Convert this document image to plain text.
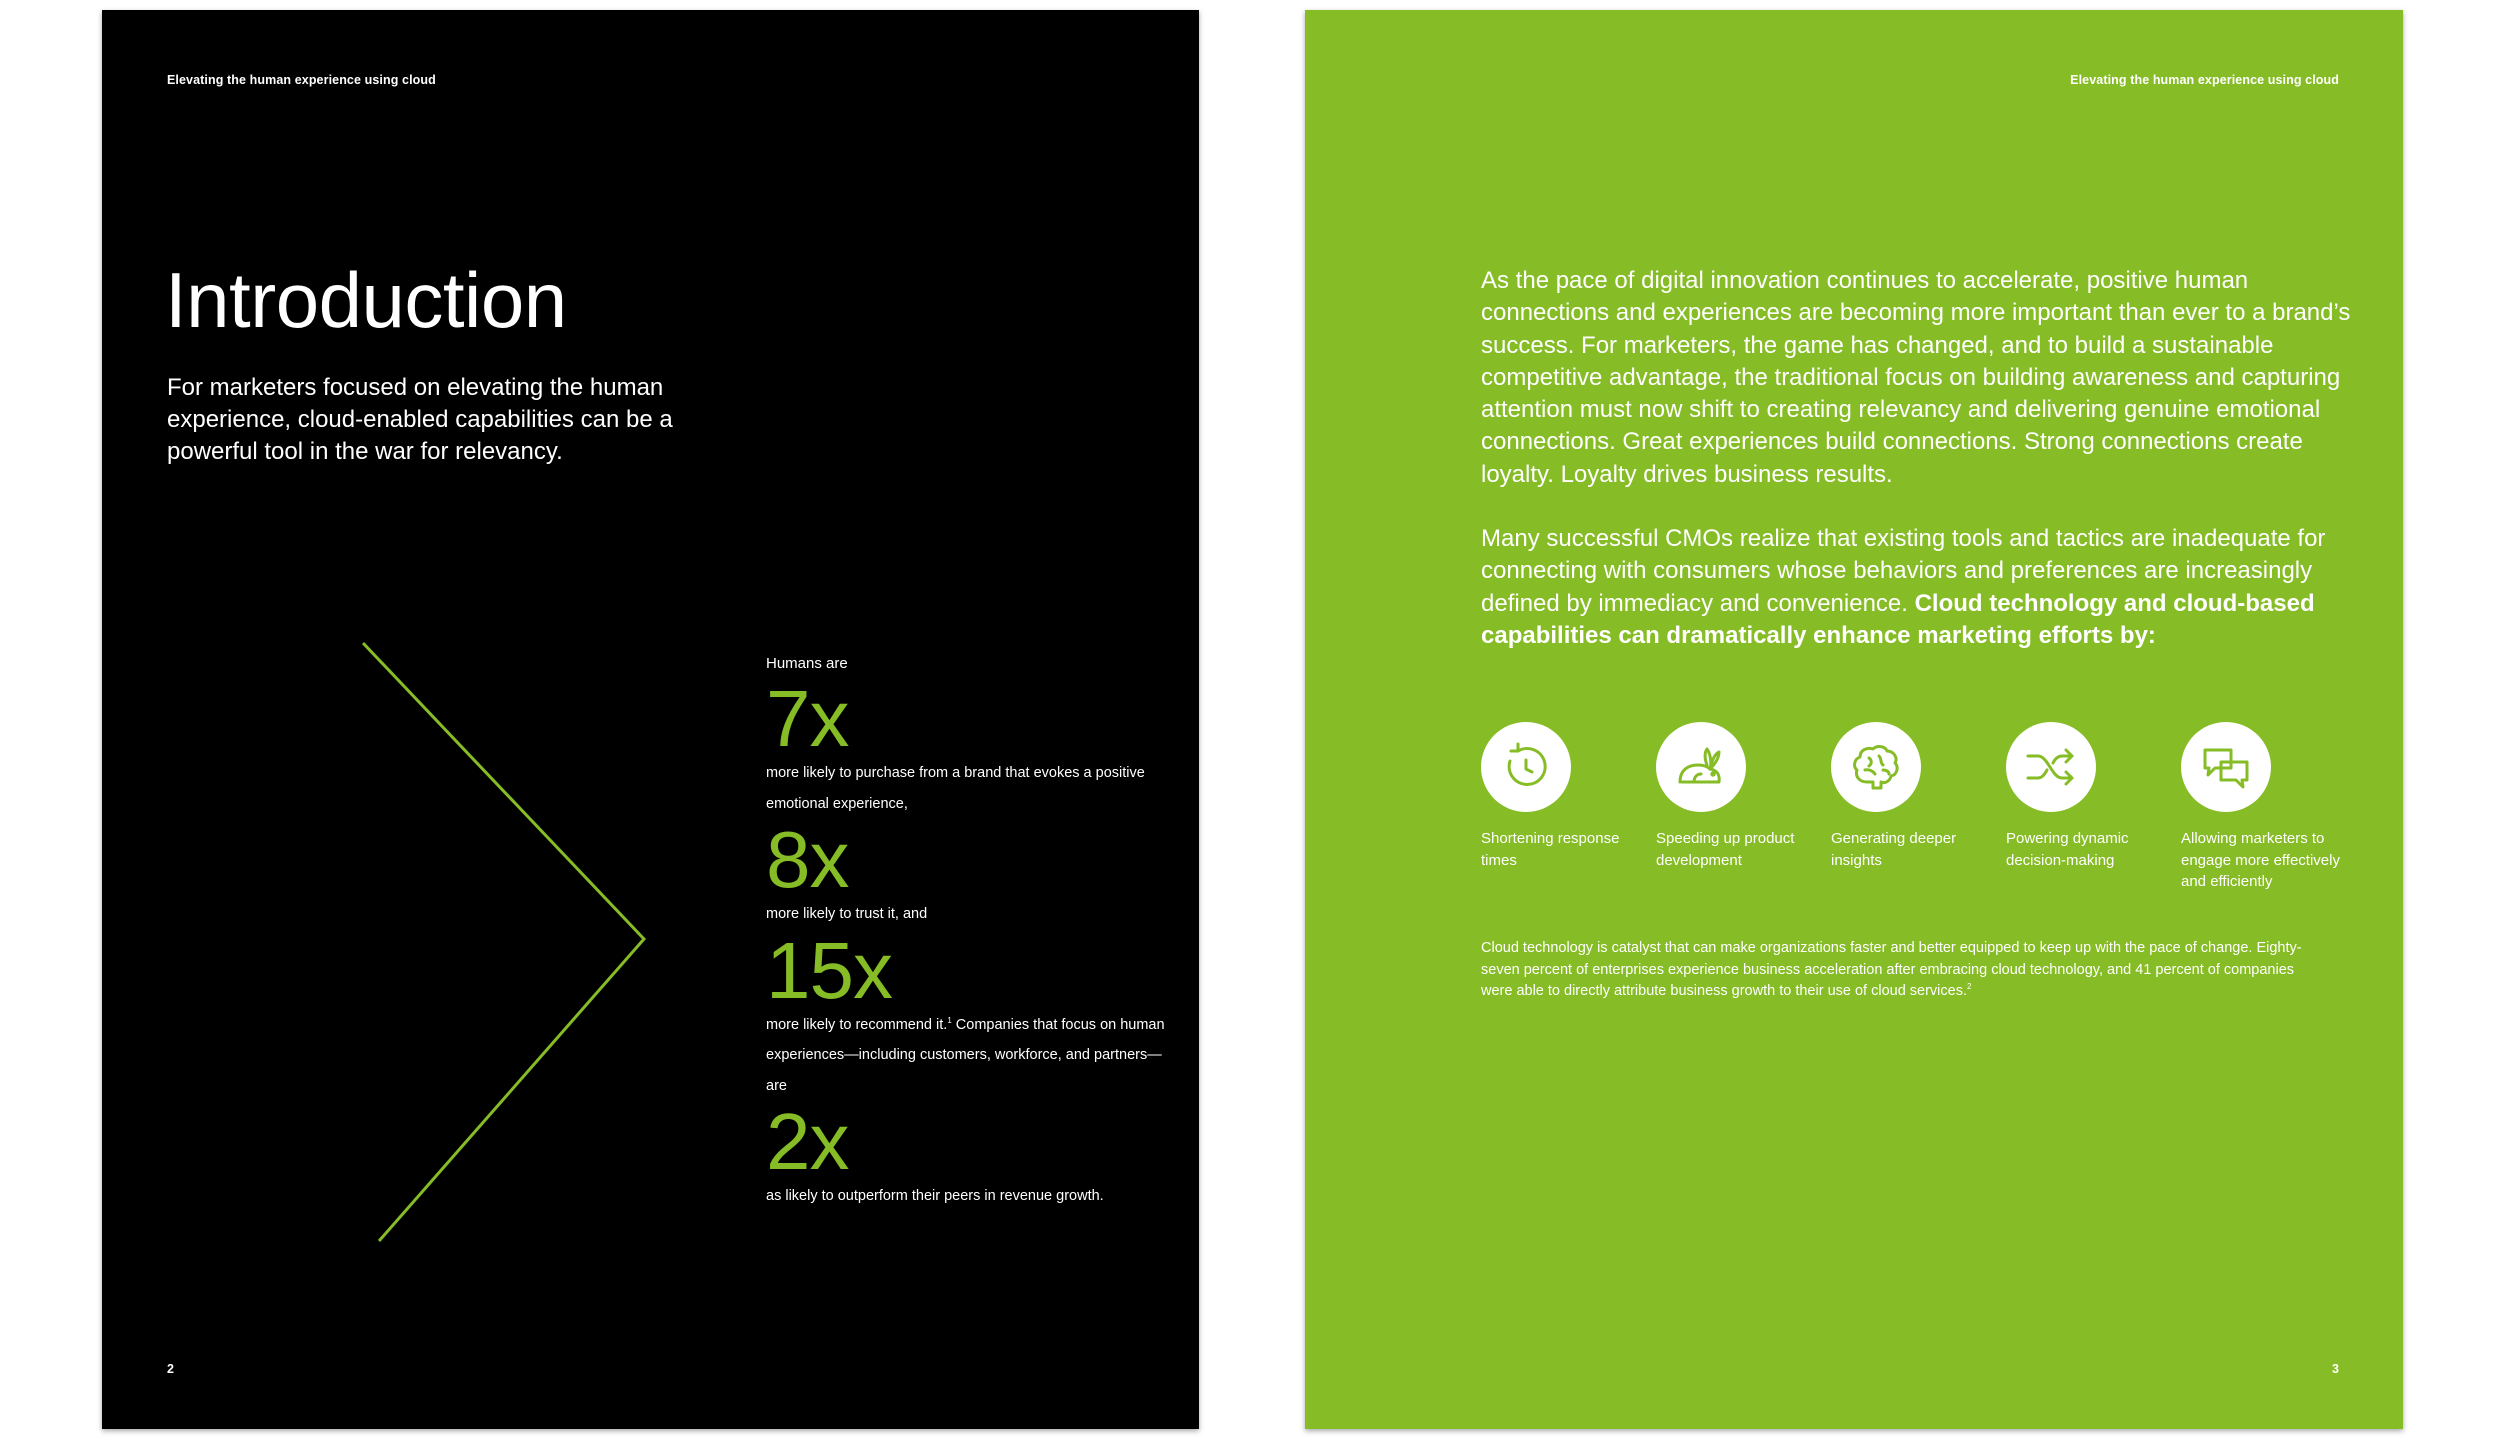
Elevating the human experience using cloud
Introduction

For marketers focused on elevating the human experience, cloud-enabled capabilities can be a powerful tool in the war for relevancy.

Humans are
7x
more likely to purchase from a brand that evokes a positive emotional experience,
8x
more likely to trust it, and
15x
more likely to recommend it.$^1$ Companies that focus on human experiences—including customers, workforce, and partners—are
2x
as likely to outperform their peers in revenue growth.
2
Elevating the human experience using cloud

As the pace of digital innovation continues to accelerate, positive human connections and experiences are becoming more important than ever to a brand’s success. For marketers, the game has changed, and to build a sustainable competitive advantage, the traditional focus on building awareness and capturing attention must now shift to creating relevancy and delivering genuine emotional connections. Great experiences build connections. Strong connections create loyalty. Loyalty drives business results.

Many successful CMOs realize that existing tools and tactics are inadequate for connecting with consumers whose behaviors and preferences are increasingly defined by immediacy and convenience. Cloud technology and cloud-based capabilities can dramatically enhance marketing efforts by:

Shortening response times
Speeding up product development
Generating deeper insights
Powering dynamic decision-making
Allowing marketers to engage more effectively and efficiently
Cloud technology is catalyst that can make organizations faster and better equipped to keep up with the pace of change. Eighty-seven percent of enterprises experience business acceleration after embracing cloud technology, and 41 percent of companies were able to directly attribute business growth to their use of cloud services.$^2$
3
